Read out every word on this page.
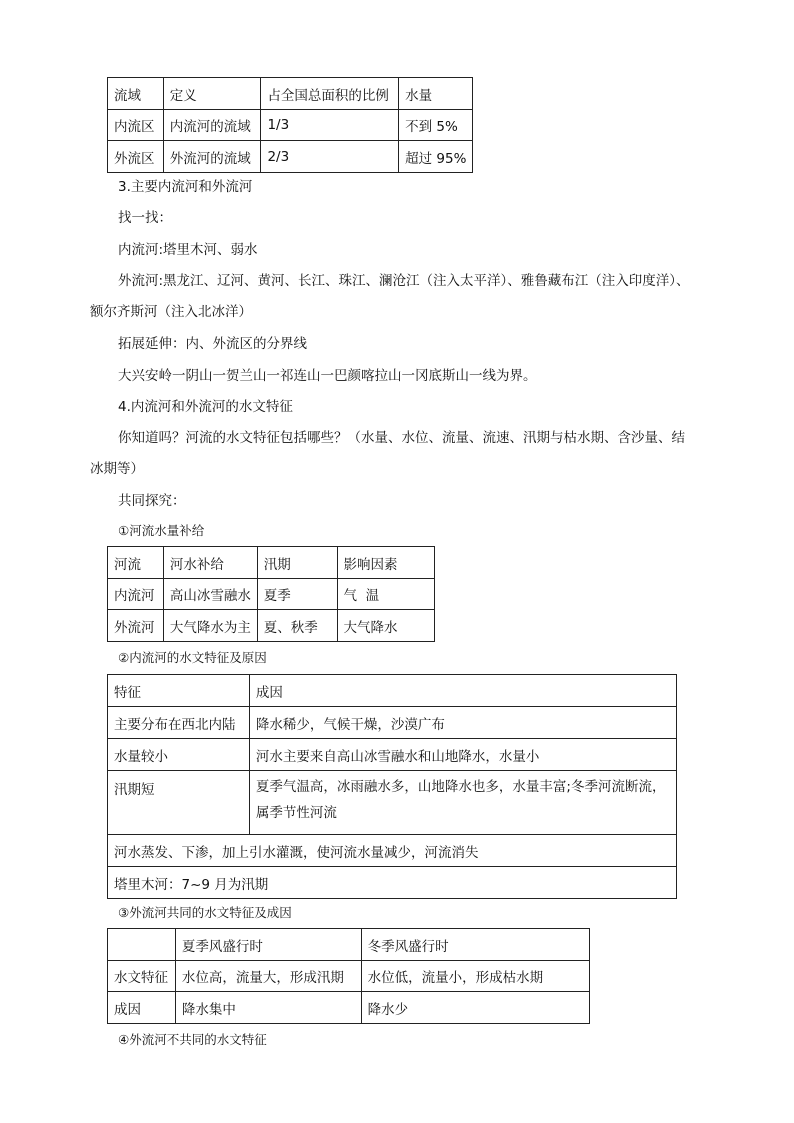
流域	定义	占全国总面积的比例	水量
内流区	内流河的流域	1/3	不到 5%
外流区	外流河的流域	2/3	超过 95%
3.主要内流河和外流河
找一找：
内流河:塔里木河、弱水
外流河:黑龙江、辽河、黄河、长江、珠江、澜沧江（注入太平洋）、雅鲁藏布江（注入印度洋）、
额尔齐斯河（注入北冰洋）
拓展延伸：内、外流区的分界线
大兴安岭一阴山一贺兰山一祁连山一巴颜喀拉山一冈底斯山一线为界。
4.内流河和外流河的水文特征
你知道吗？河流的水文特征包括哪些？（水量、水位、流量、流速、汛期与枯水期、含沙量、结
冰期等）
共同探究：
①河流水量补给
河流	河水补给	汛期	影响因素
内流河	高山冰雪融水	夏季	气  温
外流河	大气降水为主	夏、秋季	大气降水
②内流河的水文特征及原因
特征	成因
主要分布在西北内陆	降水稀少，气候干燥，沙漠广布
水量较小	河水主要来自高山冰雪融水和山地降水，水量小
汛期短	夏季气温高，冰雨融水多，山地降水也多，水量丰富;冬季河流断流，属季节性河流
河水蒸发、下渗，加上引水灌溉，使河流水量减少，河流消失	
塔里木河：7~9 月为汛期	
③外流河共同的水文特征及成因
	夏季风盛行时	冬季风盛行时
水文特征	水位高，流量大，形成汛期	水位低，流量小，形成枯水期
成因	降水集中	降水少
④外流河不共同的水文特征
